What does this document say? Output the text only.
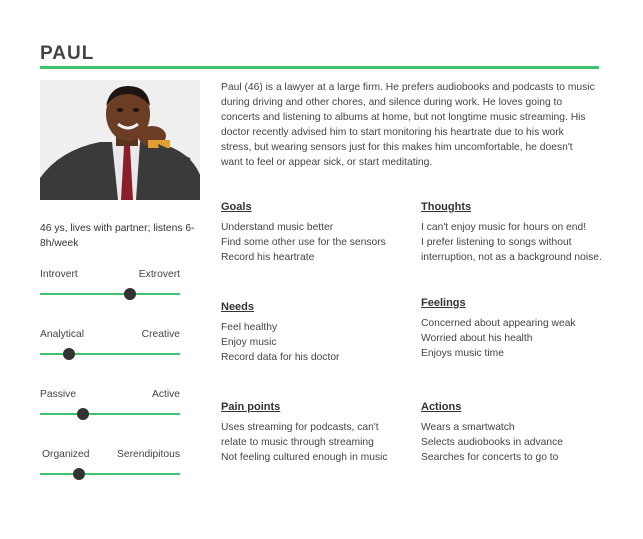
PAUL
Paul (46) is a lawyer at a large firm. He prefers audiobooks and podcasts to music during driving and other chores, and silence during work. He loves going to concerts and listening to albums at home, but not longtime music streaming. His doctor recently advised him to start monitoring his heartrate due to his work stress, but wearing sensors just for this makes him uncomfortable, he doesn't want to feel or appear sick, or start meditating.
46 ys, lives with partner; listens 6-8h/week
Introvert	Extrovert
Analytical	Creative
Passive	Active
Organized	Serendipitous
Goals
Understand music better
Find some other use for the sensors
Record his heartrate
Thoughts
I can't enjoy music for hours on end!
I prefer listening to songs without interruption, not as a background noise.
Needs
Feel healthy
Enjoy music
Record data for his doctor
Feelings
Concerned about appearing weak
Worried about his health
Enjoys music time
Pain points
Uses streaming for podcasts, can't relate to music through streaming
Not feeling cultured enough in music
Actions
Wears a smartwatch
Selects audiobooks in advance
Searches for concerts to go to
